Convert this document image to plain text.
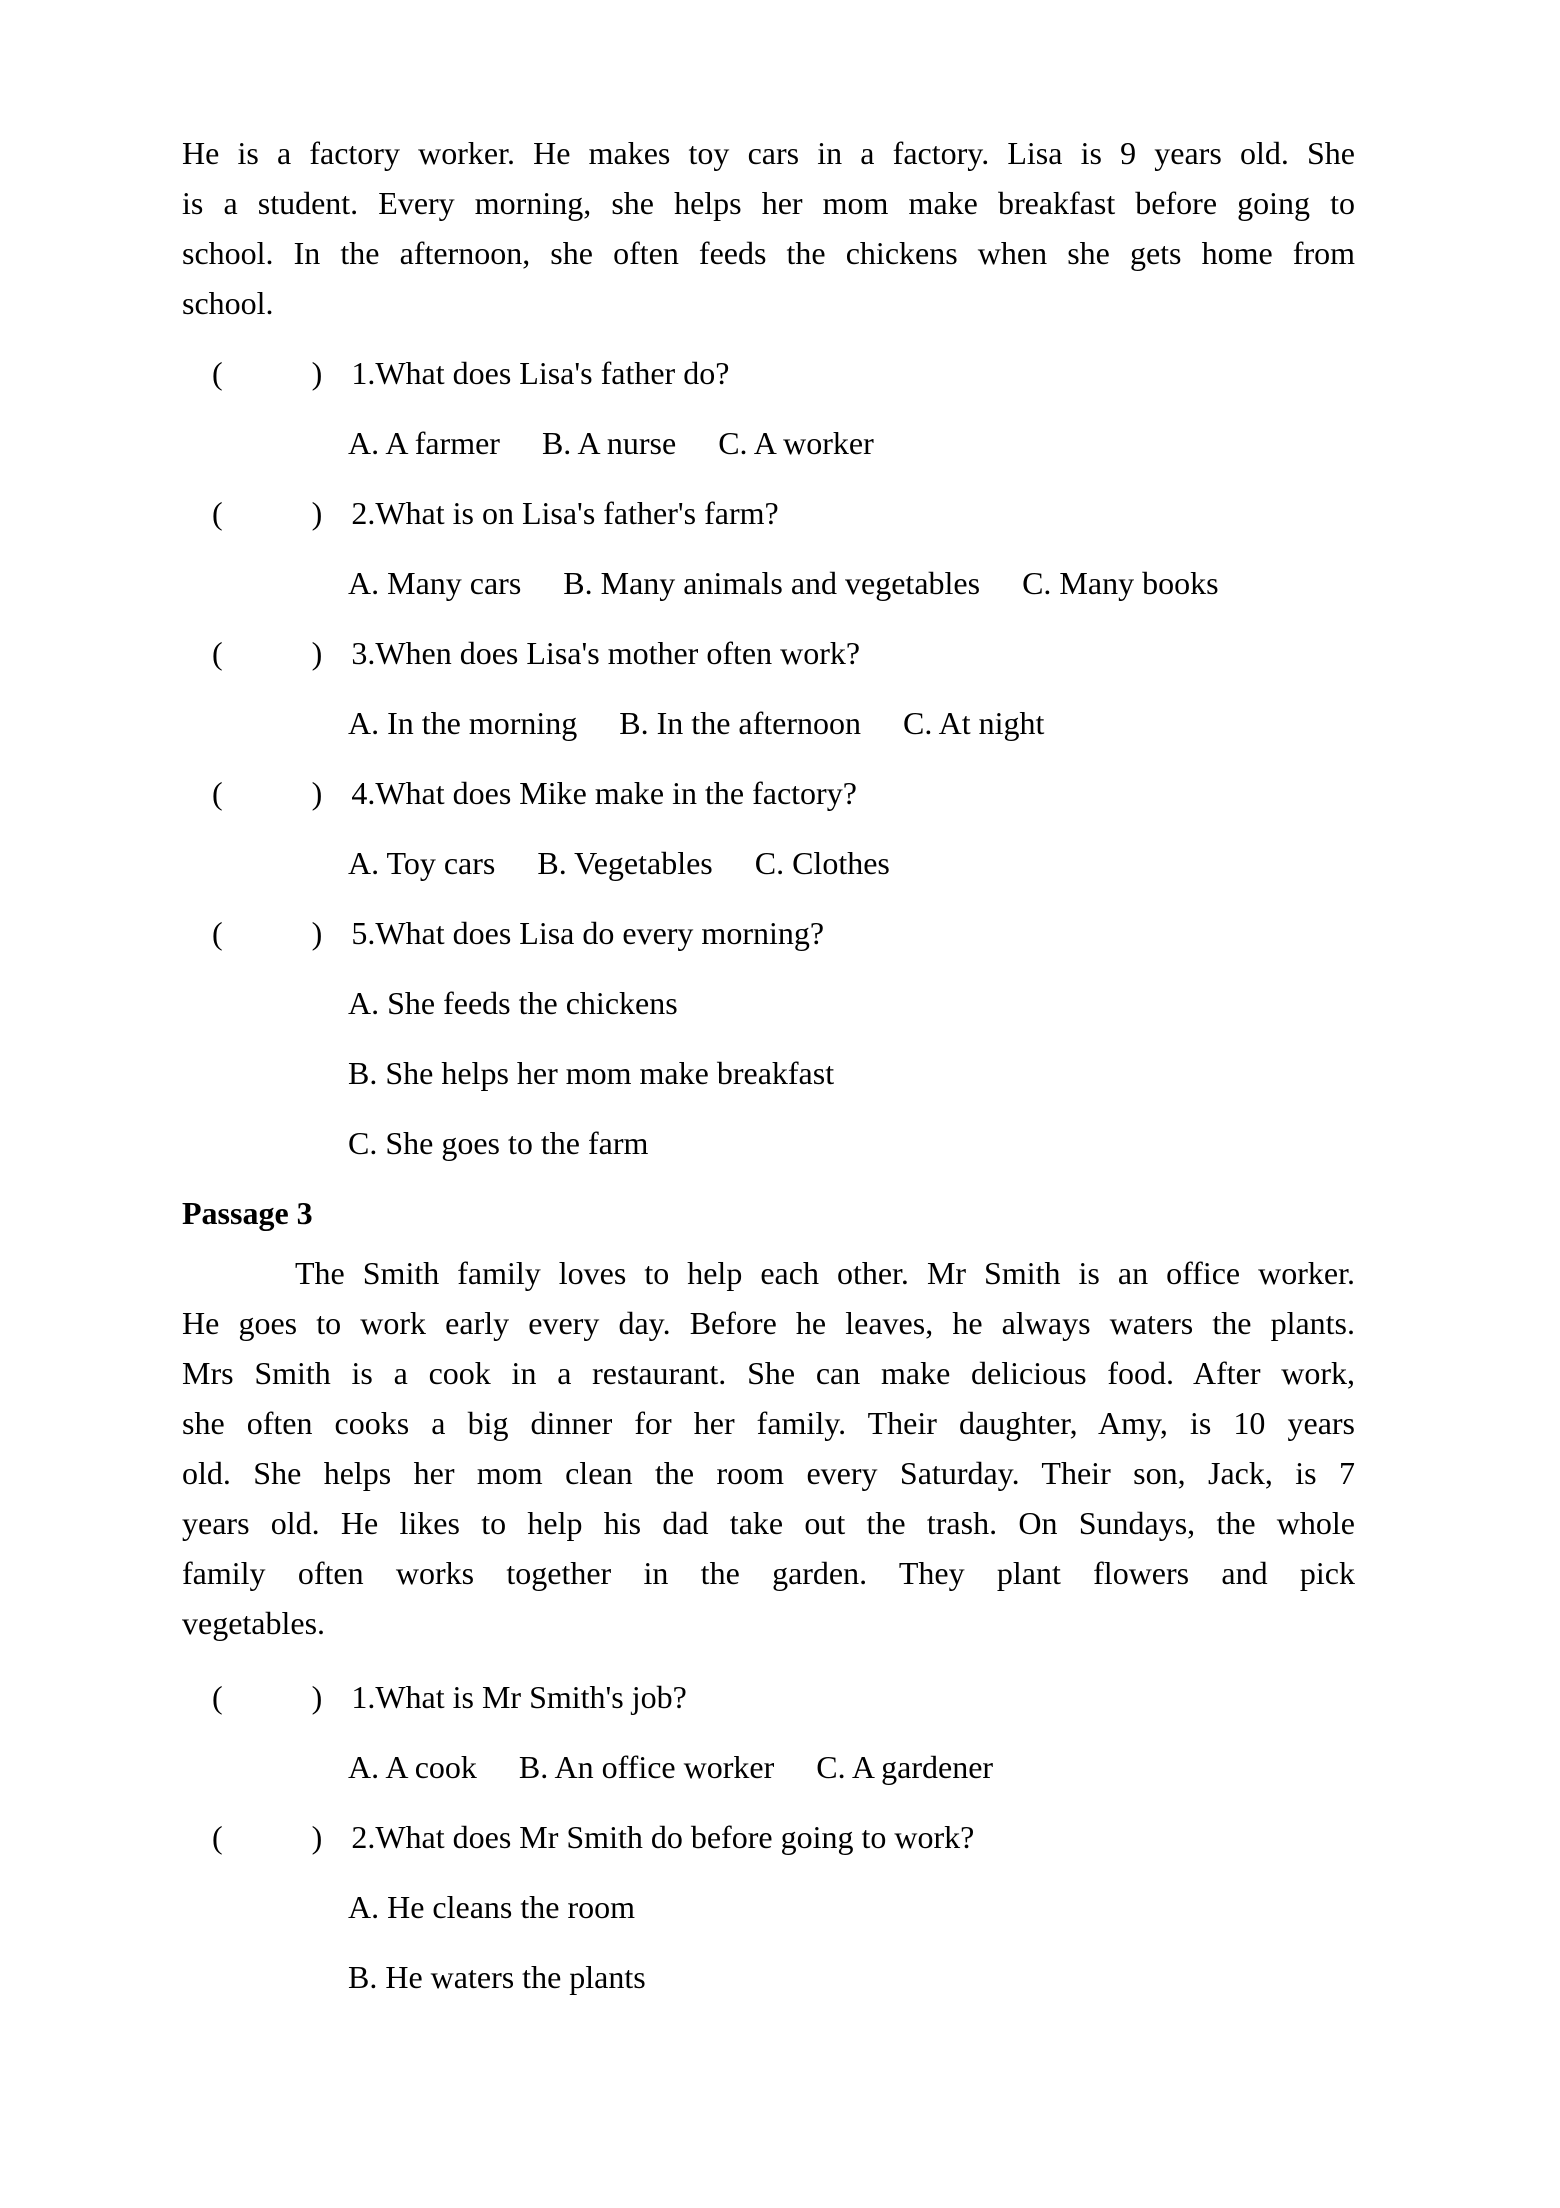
He is a factory worker. He makes toy cars in a factory. Lisa is 9 years old. She
is a student. Every morning, she helps her mom make breakfast before going to
school. In the afternoon, she often feeds the chickens when she gets home from
school.
(	) 1.What does Lisa's father do?
A. A farmer B. A nurse C. A worker
(	) 2.What is on Lisa's father's farm?
A. Many cars B. Many animals and vegetables C. Many books
(	) 3.When does Lisa's mother often work?
A. In the morning B. In the afternoon C. At night
(	) 4.What does Mike make in the factory?
A. Toy cars B. Vegetables C. Clothes
(	) 5.What does Lisa do every morning?
A. She feeds the chickens
B. She helps her mom make breakfast
C. She goes to the farm
Passage 3
The Smith family loves to help each other. Mr Smith is an office worker.
He goes to work early every day. Before he leaves, he always waters the plants.
Mrs Smith is a cook in a restaurant. She can make delicious food. After work,
she often cooks a big dinner for her family. Their daughter, Amy, is 10 years
old. She helps her mom clean the room every Saturday. Their son, Jack, is 7
years old. He likes to help his dad take out the trash. On Sundays, the whole
family often works together in the garden. They plant flowers and pick
vegetables.
(	) 1.What is Mr Smith's job?
A. A cook B. An office worker C. A gardener
(	) 2.What does Mr Smith do before going to work?
A. He cleans the room
B. He waters the plants
